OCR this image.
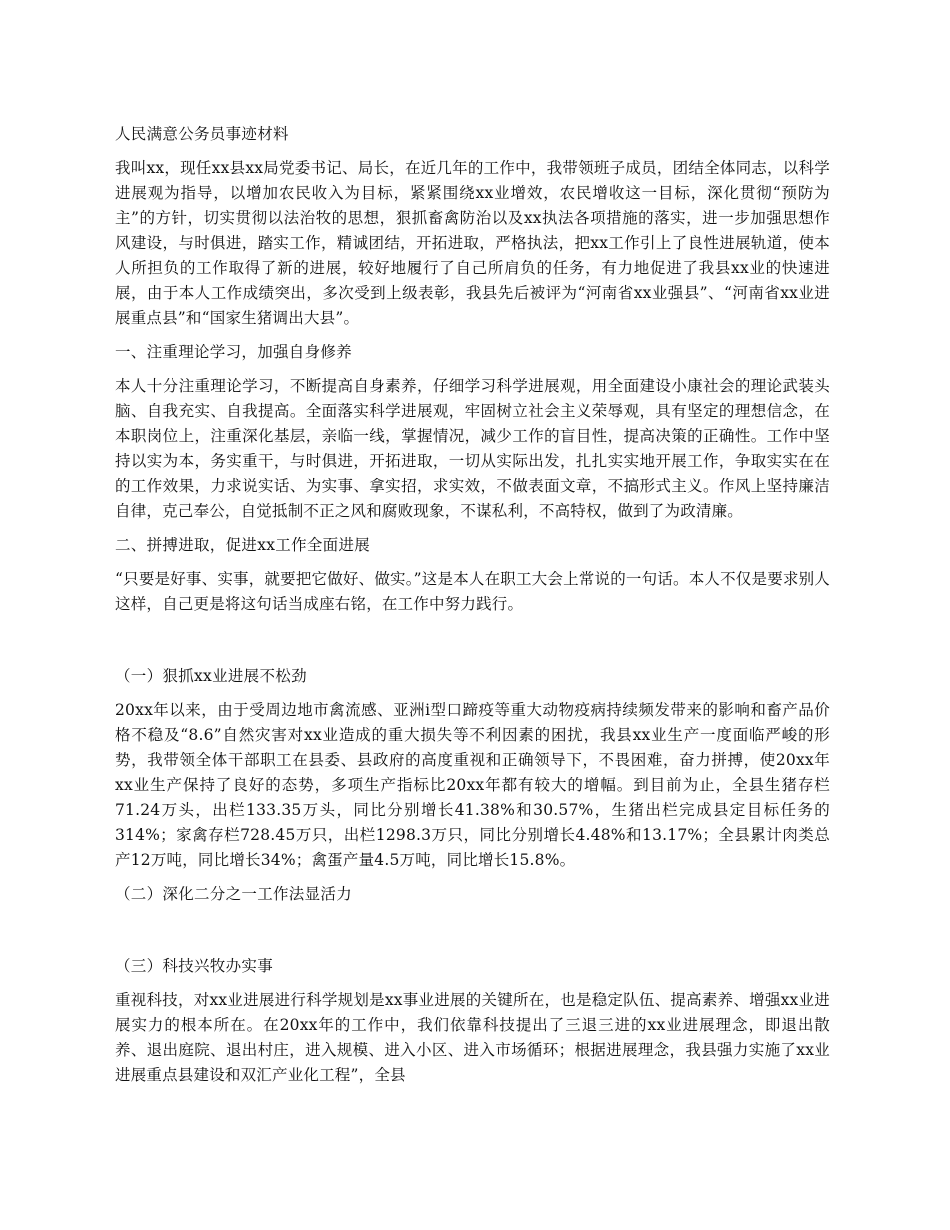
人民满意公务员事迹材料

我叫xx，现任xx县xx局党委书记、局长，在近几年的工作中，我带领班子成员，团结全体同志，以科学进展观为指导，以增加农民收入为目标，紧紧围绕xx业增效，农民增收这一目标，深化贯彻“预防为主”的方针，切实贯彻以法治牧的思想，狠抓畜禽防治以及xx执法各项措施的落实，进一步加强思想作风建设，与时俱进，踏实工作，精诚团结，开拓进取，严格执法，把xx工作引上了良性进展轨道，使本人所担负的工作取得了新的进展，较好地履行了自己所肩负的任务，有力地促进了我县xx业的快速进展，由于本人工作成绩突出，多次受到上级表彰，我县先后被评为“河南省xx业强县”、“河南省xx业进展重点县”和“国家生猪调出大县”。

一、注重理论学习，加强自身修养

本人十分注重理论学习，不断提高自身素养，仔细学习科学进展观，用全面建设小康社会的理论武装头脑、自我充实、自我提高。全面落实科学进展观，牢固树立社会主义荣辱观，具有坚定的理想信念，在本职岗位上，注重深化基层，亲临一线，掌握情况，减少工作的盲目性，提高决策的正确性。工作中坚持以实为本，务实重干，与时俱进，开拓进取，一切从实际出发，扎扎实实地开展工作，争取实实在在的工作效果，力求说实话、为实事、拿实招，求实效，不做表面文章，不搞形式主义。作风上坚持廉洁自律，克己奉公，自觉抵制不正之风和腐败现象，不谋私利，不高特权，做到了为政清廉。

二、拼搏进取，促进xx工作全面进展

“只要是好事、实事，就要把它做好、做实。”这是本人在职工大会上常说的一句话。本人不仅是要求别人这样，自己更是将这句话当成座右铭，在工作中努力践行。

（一）狠抓xx业进展不松劲

20xx年以来，由于受周边地市禽流感、亚洲i型口蹄疫等重大动物疫病持续频发带来的影响和畜产品价格不稳及“8.6”自然灾害对xx业造成的重大损失等不利因素的困扰，我县xx业生产一度面临严峻的形势，我带领全体干部职工在县委、县政府的高度重视和正确领导下，不畏困难，奋力拼搏，使20xx年xx业生产保持了良好的态势，多项生产指标比20xx年都有较大的增幅。到目前为止，全县生猪存栏71.24万头，出栏133.35万头，同比分别增长41.38%和30.57%，生猪出栏完成县定目标任务的314%；家禽存栏728.45万只，出栏1298.3万只，同比分别增长4.48%和13.17%；全县累计肉类总产12万吨，同比增长34%；禽蛋产量4.5万吨，同比增长15.8%。

（二）深化二分之一工作法显活力

（三）科技兴牧办实事

重视科技，对xx业进展进行科学规划是xx事业进展的关键所在，也是稳定队伍、提高素养、增强xx业进展实力的根本所在。在20xx年的工作中，我们依靠科技提出了三退三进的xx业进展理念，即退出散养、退出庭院、退出村庄，进入规模、进入小区、进入市场循环；根据进展理念，我县强力实施了xx业进展重点县建设和双汇产业化工程”，全县
